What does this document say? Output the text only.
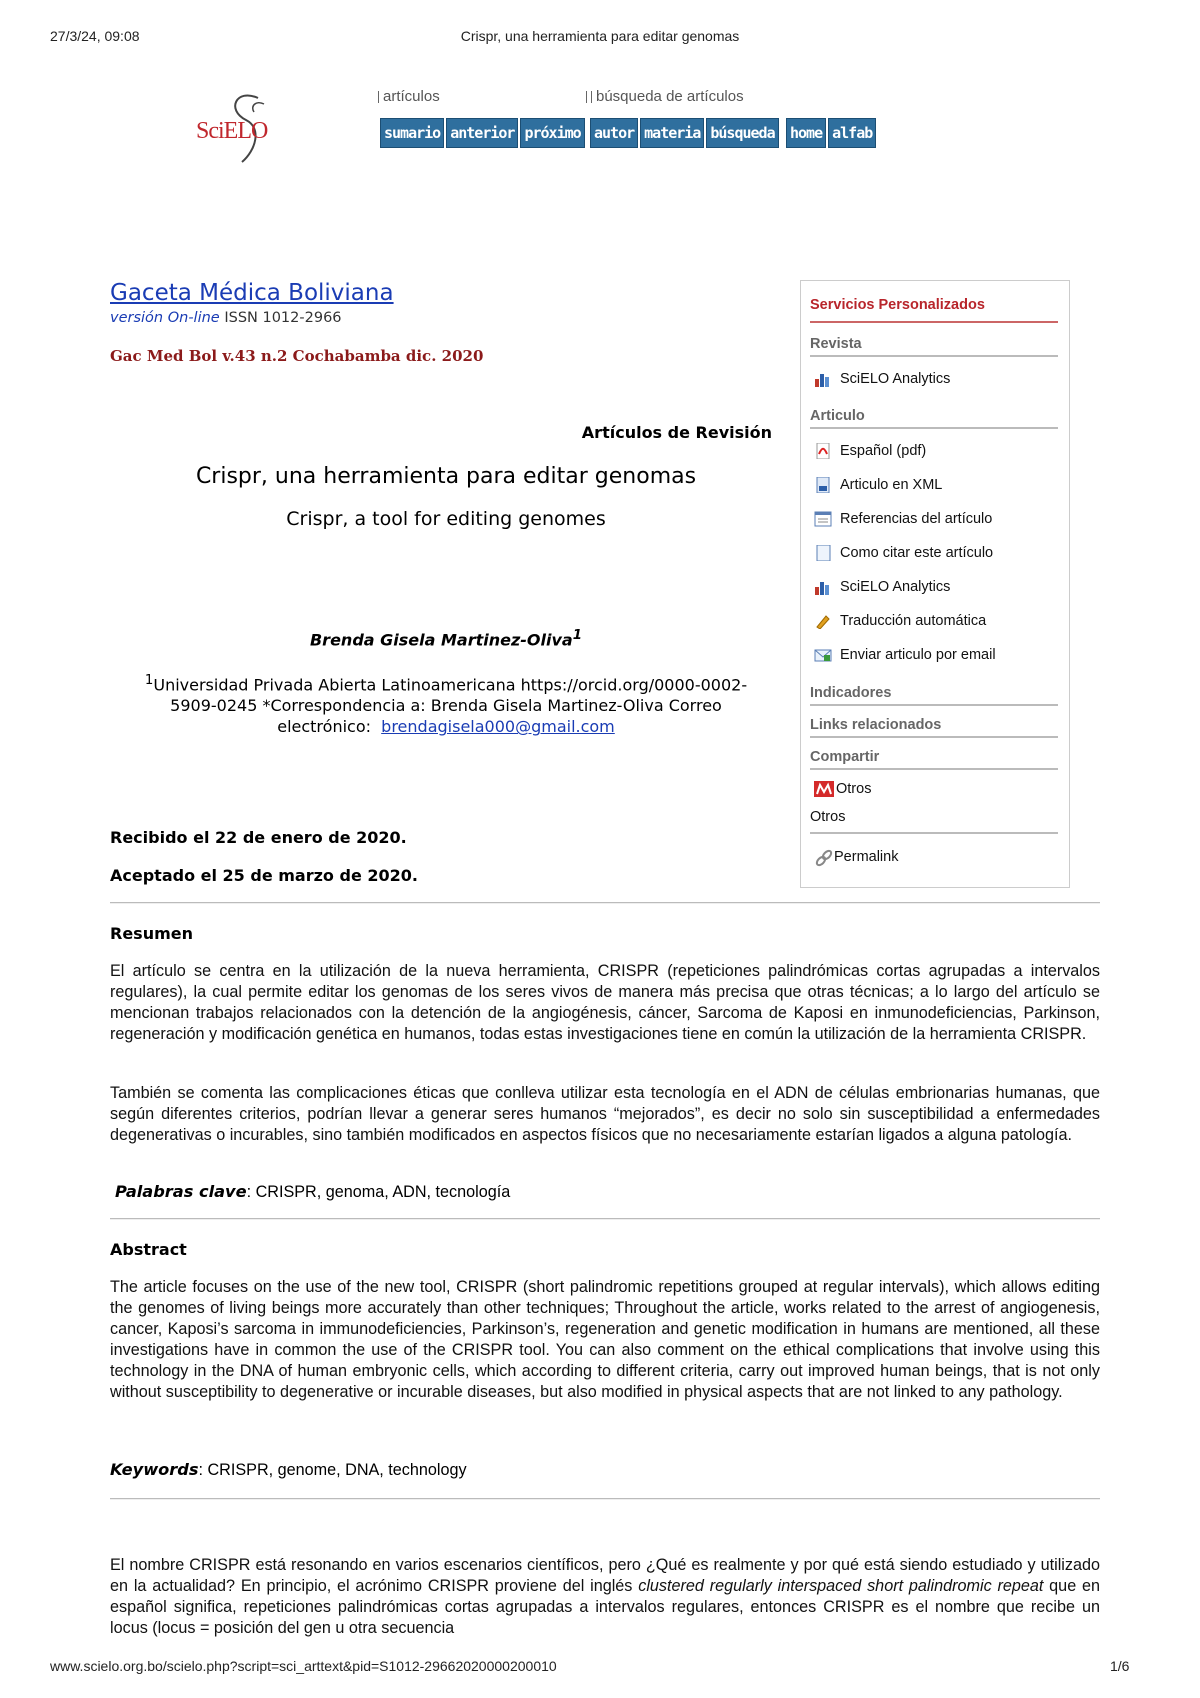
27/3/24, 09:08	Crispr, una herramienta para editar genomas
SciELO
artículos	búsqueda de artículos
sumario anterior próximo autor materia búsqueda home alfab
Gaceta Médica Boliviana
versión On-line ISSN 1012-2966
Gac Med Bol v.43 n.2 Cochabamba dic. 2020
Artículos de Revisión
Crispr, una herramienta para editar genomas
Crispr, a tool for editing genomes
Brenda Gisela Martinez-Oliva$^1$
$^1$Universidad Privada Abierta Latinoamericana https://orcid.org/0000-0002-
5909-0245 *Correspondencia a: Brenda Gisela Martinez-Oliva Correo
electrónico: brendagisela000@gmail.com
Recibido el 22 de enero de 2020.
Aceptado el 25 de marzo de 2020.
Resumen
El artículo se centra en la utilización de la nueva herramienta, CRISPR (repeticiones palindrómicas cortas agrupadas a intervalos regulares), la cual permite editar los genomas de los seres vivos de manera más precisa que otras técnicas; a lo largo del artículo se mencionan trabajos relacionados con la detención de la angiogénesis, cáncer, Sarcoma de Kaposi en inmunodeficiencias, Parkinson, regeneración y modificación genética en humanos, todas estas investigaciones tiene en común la utilización de la herramienta CRISPR.
También se comenta las complicaciones éticas que conlleva utilizar esta tecnología en el ADN de células embrionarias humanas, que según diferentes criterios, podrían llevar a generar seres humanos “mejorados”, es decir no solo sin susceptibilidad a enfermedades degenerativas o incurables, sino también modificados en aspectos físicos que no necesariamente estarían ligados a alguna patología.
Palabras clave: CRISPR, genoma, ADN, tecnología
Abstract
The article focuses on the use of the new tool, CRISPR (short palindromic repetitions grouped at regular intervals), which allows editing the genomes of living beings more accurately than other techniques; Throughout the article, works related to the arrest of angiogenesis, cancer, Kaposi’s sarcoma in immunodeficiencies, Parkinson’s, regeneration and genetic modification in humans are mentioned, all these investigations have in common the use of the CRISPR tool. You can also comment on the ethical complications that involve using this technology in the DNA of human embryonic cells, which according to different criteria, carry out improved human beings, that is not only without susceptibility to degenerative or incurable diseases, but also modified in physical aspects that are not linked to any pathology.
Keywords: CRISPR, genome, DNA, technology
El nombre CRISPR está resonando en varios escenarios científicos, pero ¿Qué es realmente y por qué está siendo estudiado y utilizado en la actualidad? En principio, el acrónimo CRISPR proviene del inglés clustered regularly interspaced short palindromic repeat que en español significa, repeticiones palindrómicas cortas agrupadas a intervalos regulares, entonces CRISPR es el nombre que recibe un locus (locus = posición del gen u otra secuencia
Servicios Personalizados
Revista
SciELO Analytics
Articulo
Español (pdf)
Articulo en XML
Referencias del artículo
Como citar este artículo
SciELO Analytics
Traducción automática
Enviar articulo por email
Indicadores
Links relacionados
Compartir
Otros
Otros
Permalink
www.scielo.org.bo/scielo.php?script=sci_arttext&pid=S1012-29662020000200010	1/6
